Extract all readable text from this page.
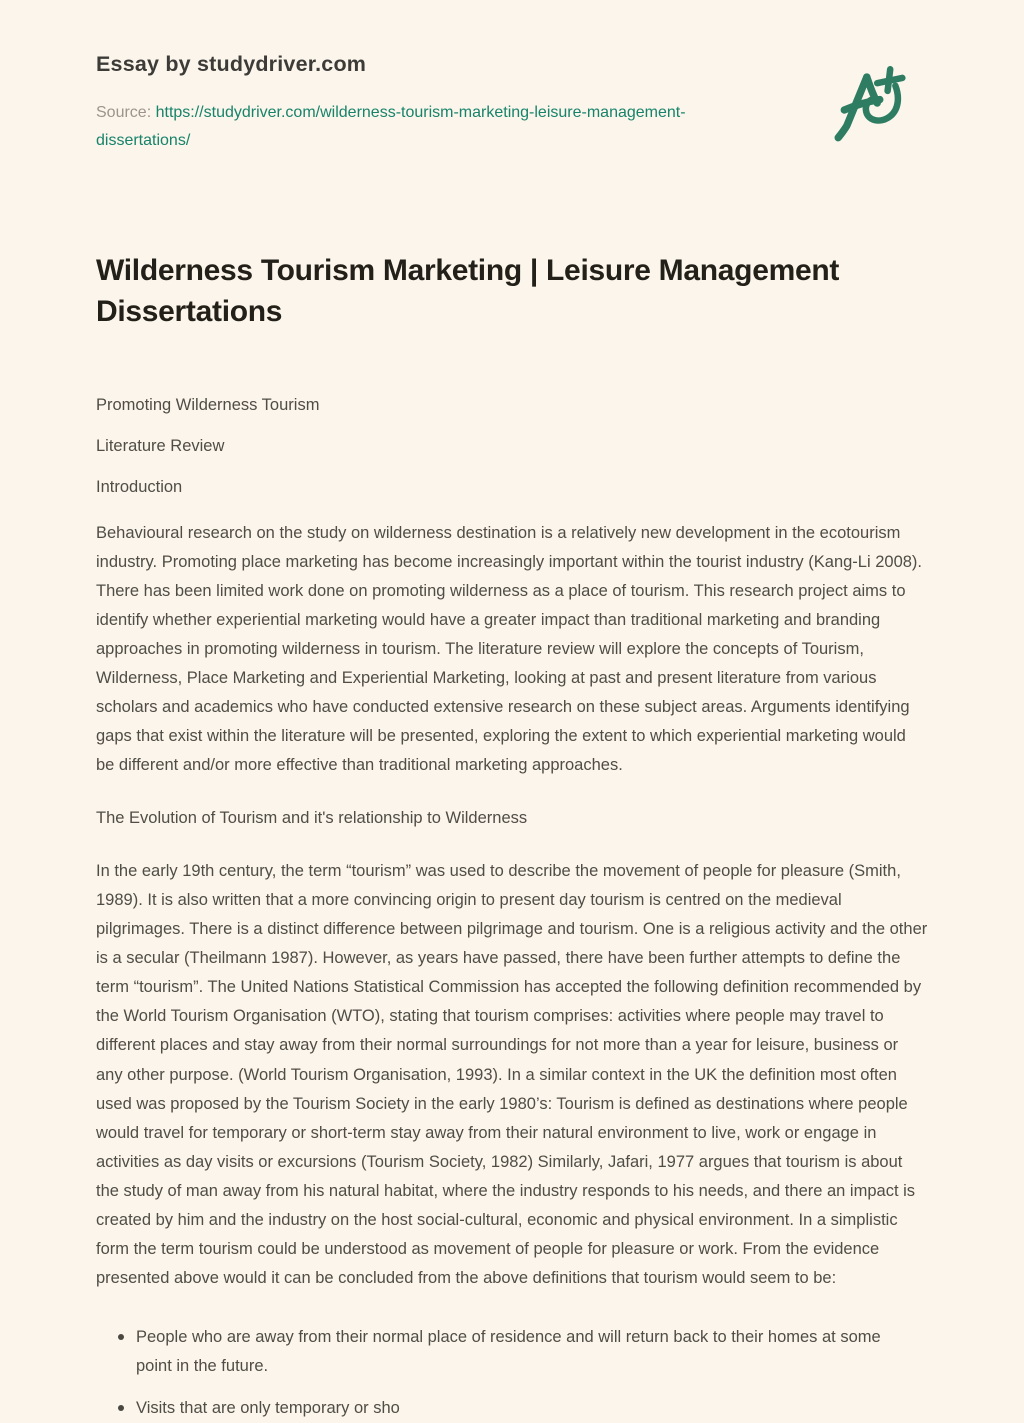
Essay by studydriver.com
Source: https://studydriver.com/wilderness-tourism-marketing-leisure-management-dissertations/
Wilderness Tourism Marketing | Leisure Management Dissertations

Promoting Wilderness Tourism

Literature Review

Introduction

Behavioural research on the study on wilderness destination is a relatively new development in the ecotourism industry. Promoting place marketing has become increasingly important within the tourist industry (Kang-Li 2008). There has been limited work done on promoting wilderness as a place of tourism. This research project aims to identify whether experiential marketing would have a greater impact than traditional marketing and branding approaches in promoting wilderness in tourism. The literature review will explore the concepts of Tourism, Wilderness, Place Marketing and Experiential Marketing, looking at past and present literature from various scholars and academics who have conducted extensive research on these subject areas. Arguments identifying gaps that exist within the literature will be presented, exploring the extent to which experiential marketing would be different and/or more effective than traditional marketing approaches.

The Evolution of Tourism and it's relationship to Wilderness

In the early 19th century, the term “tourism” was used to describe the movement of people for pleasure (Smith, 1989). It is also written that a more convincing origin to present day tourism is centred on the medieval pilgrimages. There is a distinct difference between pilgrimage and tourism. One is a religious activity and the other is a secular (Theilmann 1987). However, as years have passed, there have been further attempts to define the term “tourism”. The United Nations Statistical Commission has accepted the following definition recommended by the World Tourism Organisation (WTO), stating that tourism comprises: activities where people may travel to different places and stay away from their normal surroundings for not more than a year for leisure, business or any other purpose. (World Tourism Organisation, 1993). In a similar context in the UK the definition most often used was proposed by the Tourism Society in the early 1980’s: Tourism is defined as destinations where people would travel for temporary or short-term stay away from their natural environment to live, work or engage in activities as day visits or excursions (Tourism Society, 1982) Similarly, Jafari, 1977 argues that tourism is about the study of man away from his natural habitat, where the industry responds to his needs, and there an impact is created by him and the industry on the host social-cultural, economic and physical environment. In a simplistic form the term tourism could be understood as movement of people for pleasure or work. From the evidence presented above would it can be concluded from the above definitions that tourism would seem to be:

People who are away from their normal place of residence and will return back to their homes at some point in the future.
Visits that are only temporary or sho
